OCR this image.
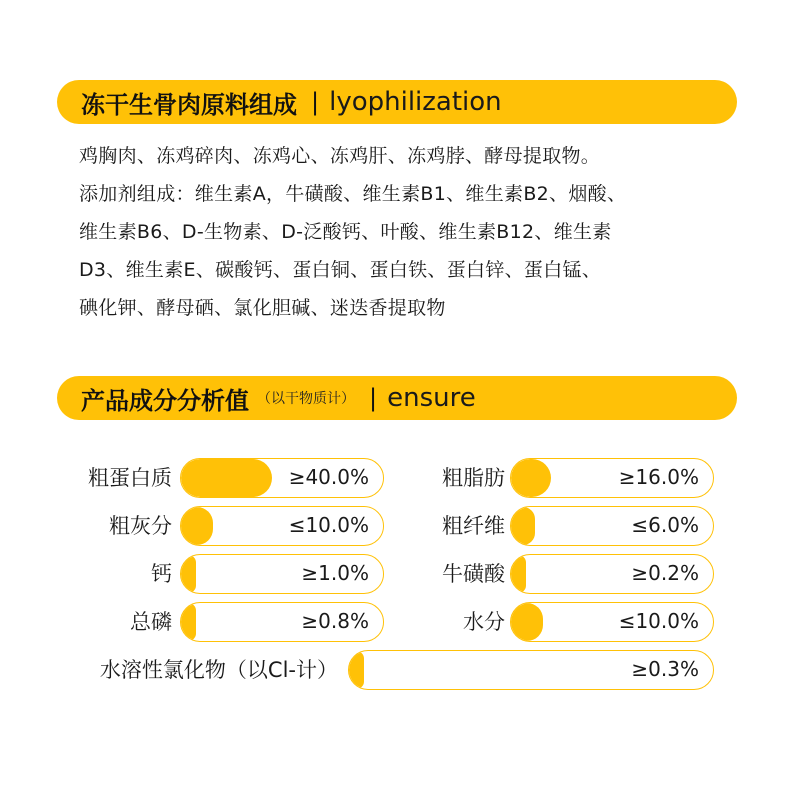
冻干生骨肉原料组成 | lyophilization
鸡胸肉、冻鸡碎肉、冻鸡心、冻鸡肝、冻鸡脖、酵母提取物。
添加剂组成：维生素A，牛磺酸、维生素B1、维生素B2、烟酸、
维生素B6、D-生物素、D-泛酸钙、叶酸、维生素B12、维生素
D3、维生素E、碳酸钙、蛋白铜、蛋白铁、蛋白锌、蛋白锰、
碘化钾、酵母硒、氯化胆碱、迷迭香提取物
产品成分分析值 （以干物质计） | ensure
粗蛋白质	≥40.0%	粗脂肪	≥16.0%
粗灰分	≤10.0%	粗纤维	≤6.0%
钙	≥1.0%	牛磺酸	≥0.2%
总磷	≥0.8%	水分	≤10.0%
水溶性氯化物（以Cl-计）	≥0.3%
